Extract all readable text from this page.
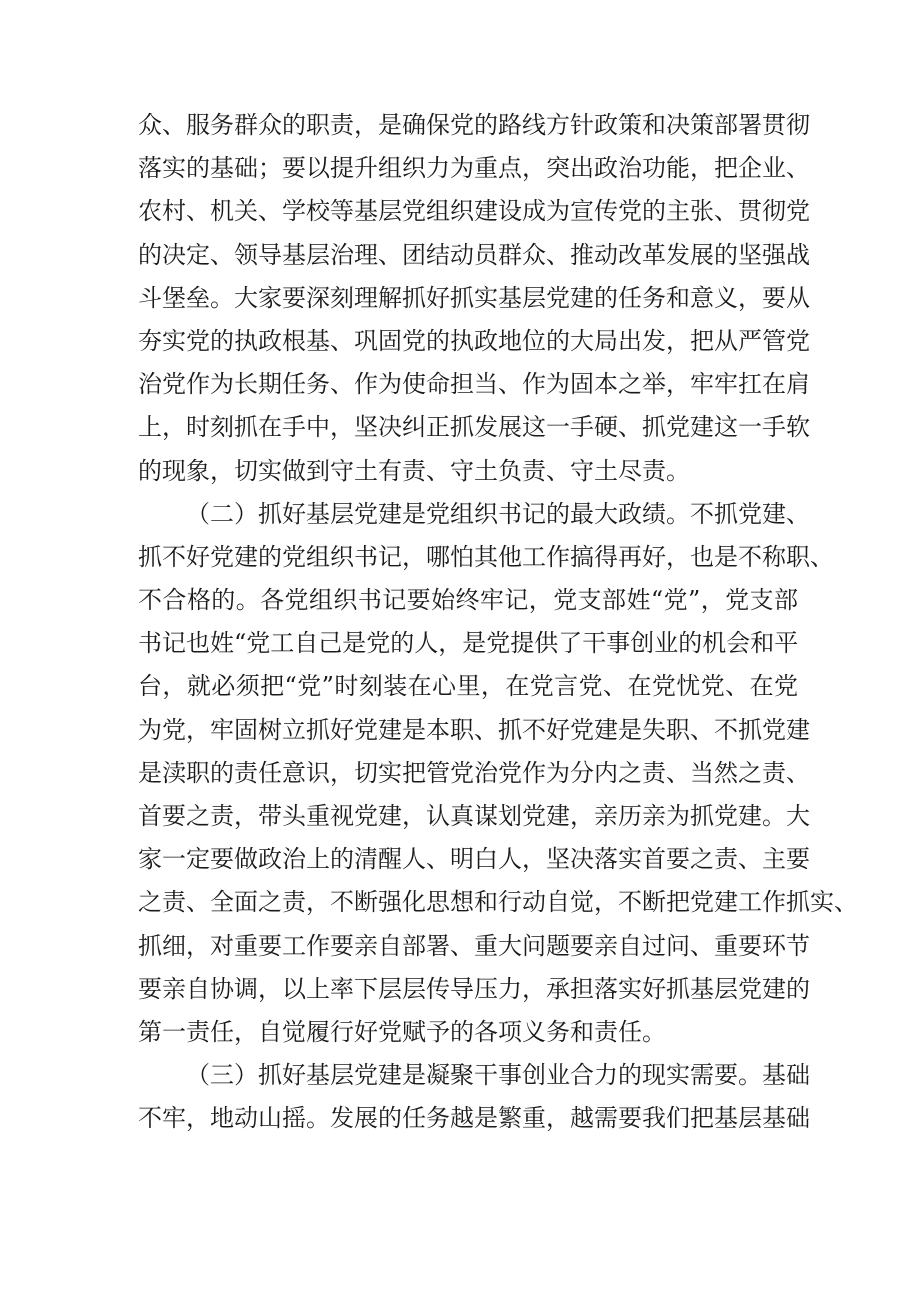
众、服务群众的职责，是确保党的路线方针政策和决策部署贯彻
落实的基础；要以提升组织力为重点，突出政治功能，把企业、
农村、机关、学校等基层党组织建设成为宣传党的主张、贯彻党
的决定、领导基层治理、团结动员群众、推动改革发展的坚强战
斗堡垒。大家要深刻理解抓好抓实基层党建的任务和意义，要从
夯实党的执政根基、巩固党的执政地位的大局出发，把从严管党
治党作为长期任务、作为使命担当、作为固本之举，牢牢扛在肩
上，时刻抓在手中，坚决纠正抓发展这一手硬、抓党建这一手软
的现象，切实做到守土有责、守土负责、守土尽责。
（二）抓好基层党建是党组织书记的最大政绩。不抓党建、
抓不好党建的党组织书记，哪怕其他工作搞得再好，也是不称职、
不合格的。各党组织书记要始终牢记，党支部姓“党”，党支部
书记也姓“党工自己是党的人，是党提供了干事创业的机会和平
台，就必须把“党”时刻装在心里，在党言党、在党忧党、在党
为党，牢固树立抓好党建是本职、抓不好党建是失职、不抓党建
是渎职的责任意识，切实把管党治党作为分内之责、当然之责、
首要之责，带头重视党建，认真谋划党建，亲历亲为抓党建。大
家一定要做政治上的清醒人、明白人，坚决落实首要之责、主要
之责、全面之责，不断强化思想和行动自觉，不断把党建工作抓实、
抓细，对重要工作要亲自部署、重大问题要亲自过问、重要环节
要亲自协调，以上率下层层传导压力，承担落实好抓基层党建的
第一责任，自觉履行好党赋予的各项义务和责任。
（三）抓好基层党建是凝聚干事创业合力的现实需要。基础
不牢，地动山摇。发展的任务越是繁重，越需要我们把基层基础
